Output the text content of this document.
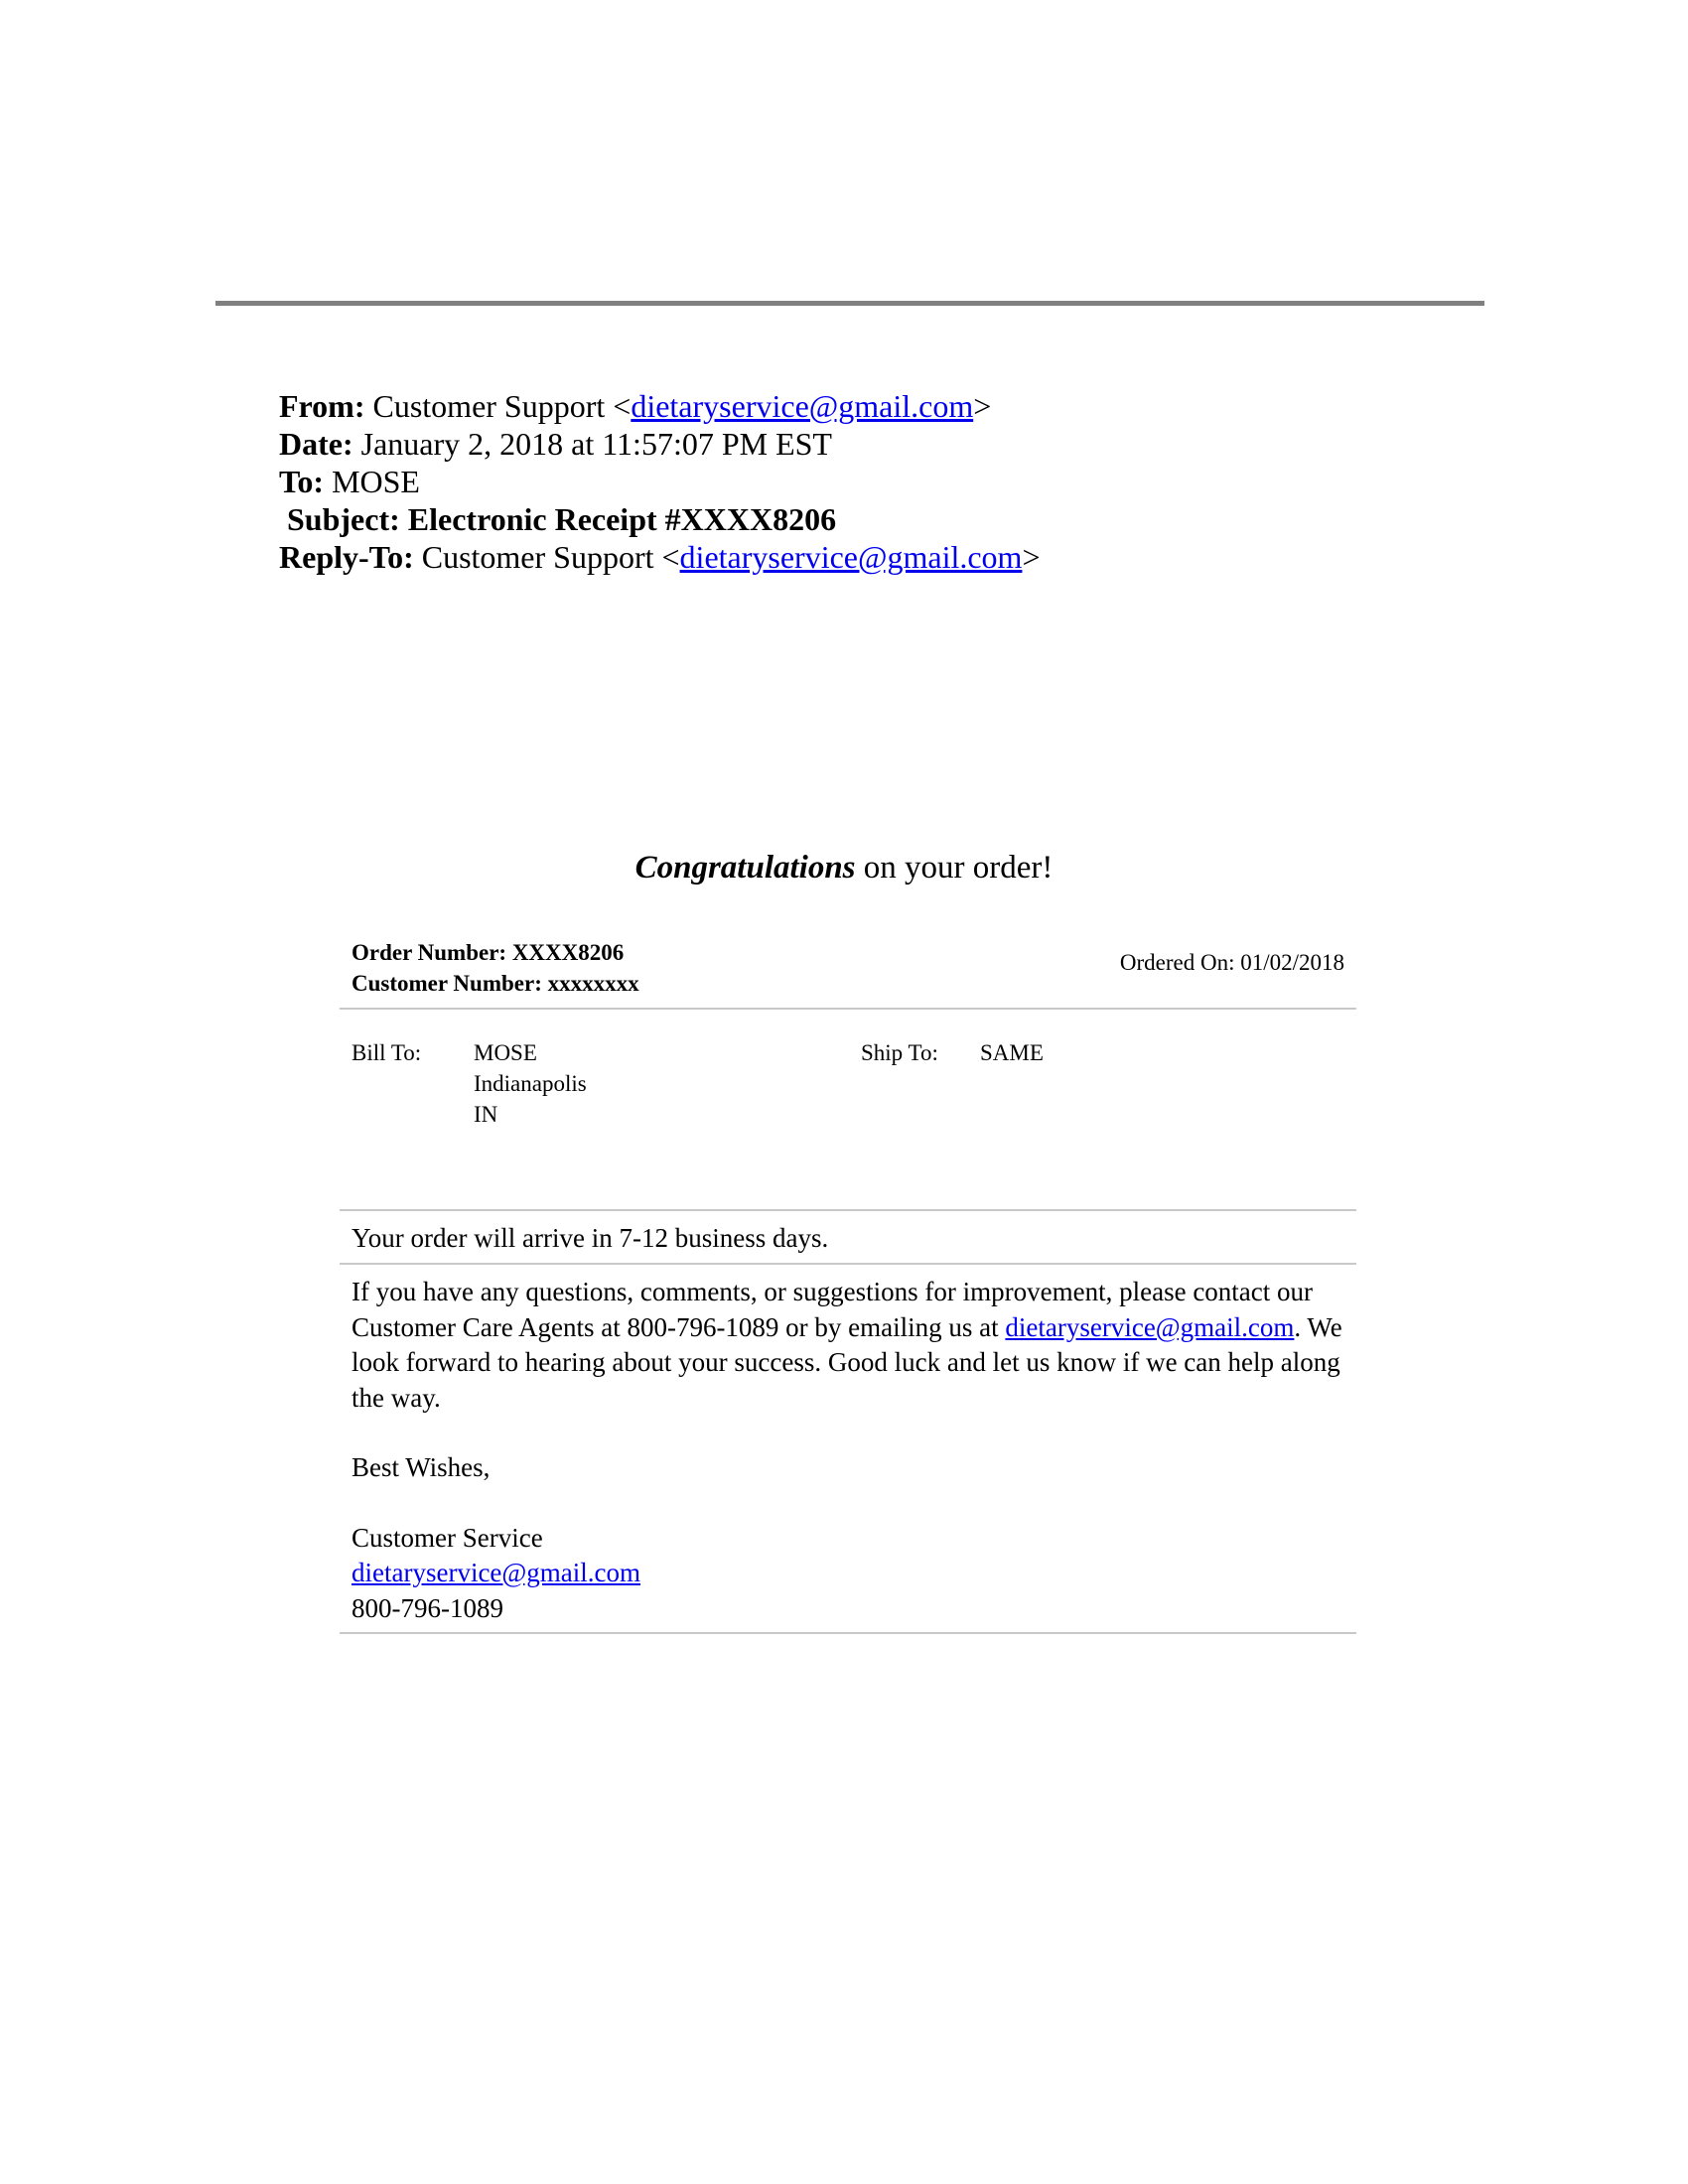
From: Customer Support <dietaryservice@gmail.com>
Date: January 2, 2018 at 11:57:07 PM EST
To: MOSE
Subject: Electronic Receipt #XXXX8206
Reply-To: Customer Support <dietaryservice@gmail.com>
Congratulations on your order!
Order Number: XXXX8206
Customer Number: xxxxxxxx
Ordered On: 01/02/2018
Bill To: MOSE
Indianapolis
IN
Ship To: SAME
Your order will arrive in 7-12 business days.
If you have any questions, comments, or suggestions for improvement, please contact our Customer Care Agents at 800-796-1089 or by emailing us at dietaryservice@gmail.com. We look forward to hearing about your success. Good luck and let us know if we can help along the way.
Best Wishes,
Customer Service
dietaryservice@gmail.com
800-796-1089
